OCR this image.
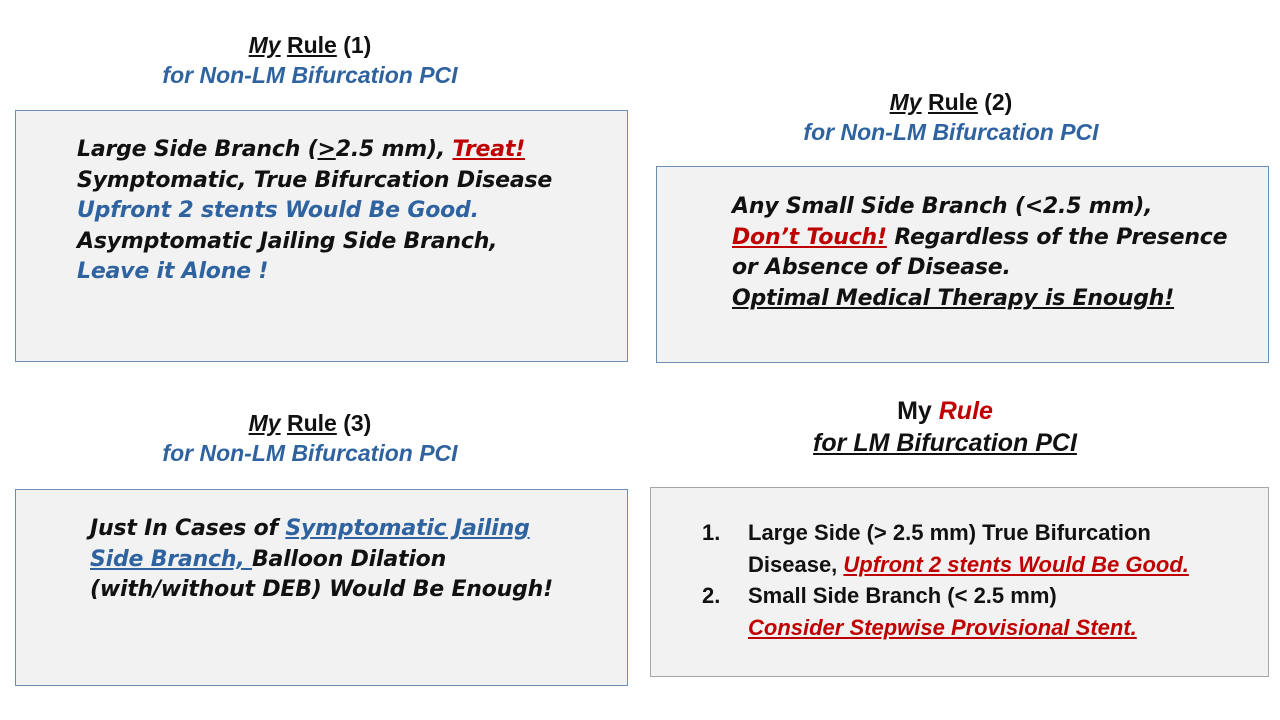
My Rule (1)
for Non-LM Bifurcation PCI
Large Side Branch (>2.5 mm), Treat!
Symptomatic, True Bifurcation Disease
Upfront 2 stents Would Be Good.
Asymptomatic Jailing Side Branch,
Leave it Alone !
My Rule (2)
for Non-LM Bifurcation PCI
Any Small Side Branch (<2.5 mm),
Don’t Touch! Regardless of the Presence
or Absence of Disease.
Optimal Medical Therapy is Enough!
My Rule (3)
for Non-LM Bifurcation PCI
Just In Cases of Symptomatic Jailing
Side Branch, Balloon Dilation
(with/without DEB) Would Be Enough!
My Rule
for LM Bifurcation PCI
1.	Large Side (> 2.5 mm) True Bifurcation
Disease, Upfront 2 stents Would Be Good.
2.	Small Side Branch (< 2.5 mm)
Consider Stepwise Provisional Stent.
